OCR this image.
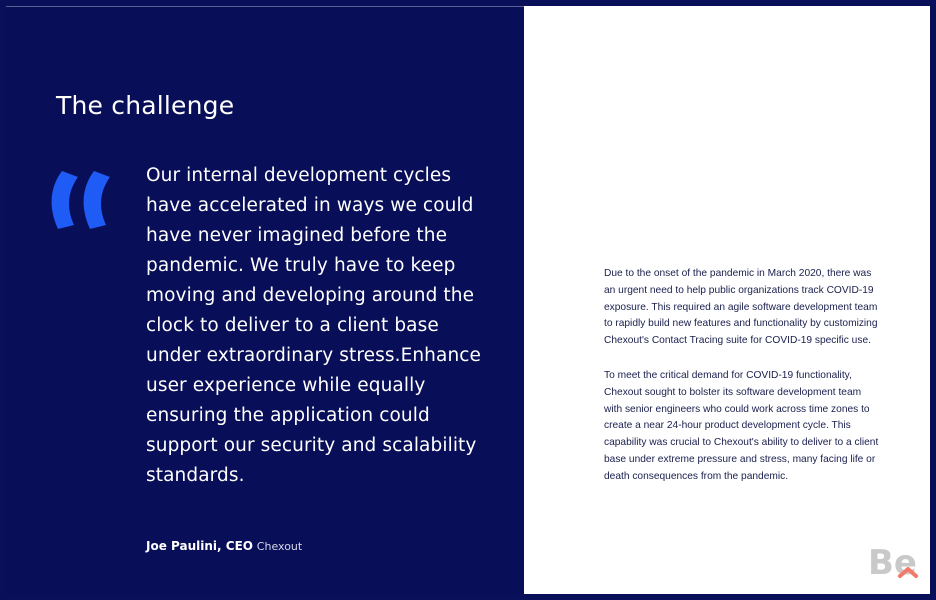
The challenge
Our internal development cycles have accelerated in ways we could have never imagined before the pandemic. We truly have to keep moving and developing around the clock to deliver to a client base under extraordinary stress.Enhance user experience while equally ensuring the application could support our security and scalability standards.
Joe Paulini, CEO Chexout

Due to the onset of the pandemic in March 2020, there was an urgent need to help public organizations track COVID-19 exposure. This required an agile software development team to rapidly build new features and functionality by customizing Chexout's Contact Tracing suite for COVID-19 specific use.

To meet the critical demand for COVID-19 functionality, Chexout sought to bolster its software development team with senior engineers who could work across time zones to create a near 24-hour product development cycle. This capability was crucial to Chexout's ability to deliver to a client base under extreme pressure and stress, many facing life or death consequences from the pandemic.

Be
